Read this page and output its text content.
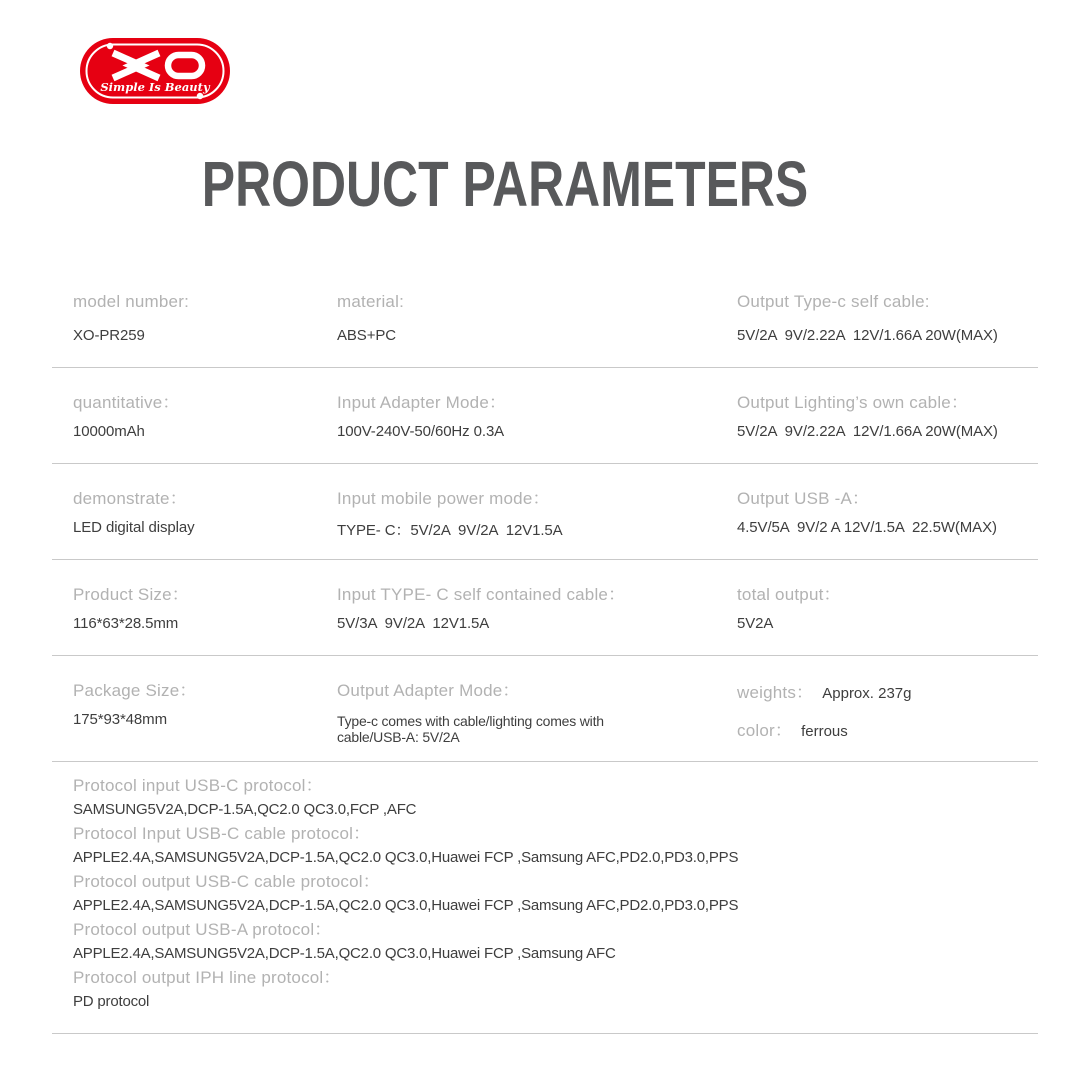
Simple Is Beauty
PRODUCT PARAMETERS
model number:
XO-PR259
material:
ABS+PC
Output Type-c self cable:
5V/2A  9V/2.22A  12V/1.66A 20W(MAX)
quantitative：
10000mAh
Input Adapter Mode：
100V-240V-50/60Hz 0.3A
Output Lighting’s own cable：
5V/2A  9V/2.22A  12V/1.66A 20W(MAX)
demonstrate：
LED digital display
Input mobile power mode：
TYPE- C：5V/2A  9V/2A  12V1.5A
Output USB -A：
4.5V/5A  9V/2 A 12V/1.5A  22.5W(MAX)
Product Size：
116*63*28.5mm
Input TYPE- C self contained cable：
5V/3A  9V/2A  12V1.5A
total output：
5V2A
Package Size：
175*93*48mm
Output Adapter Mode：
Type-c comes with cable/lighting comes with cable/USB-A: 5V/2A
weights： Approx. 237g
color： ferrous
Protocol input USB-C protocol：
SAMSUNG5V2A,DCP-1.5A,QC2.0 QC3.0,FCP ,AFC
Protocol Input USB-C cable protocol：
APPLE2.4A,SAMSUNG5V2A,DCP-1.5A,QC2.0 QC3.0,Huawei FCP ,Samsung AFC,PD2.0,PD3.0,PPS
Protocol output USB-C cable protocol：
APPLE2.4A,SAMSUNG5V2A,DCP-1.5A,QC2.0 QC3.0,Huawei FCP ,Samsung AFC,PD2.0,PD3.0,PPS
Protocol output USB-A protocol：
APPLE2.4A,SAMSUNG5V2A,DCP-1.5A,QC2.0 QC3.0,Huawei FCP ,Samsung AFC
Protocol output IPH line protocol：
PD protocol
